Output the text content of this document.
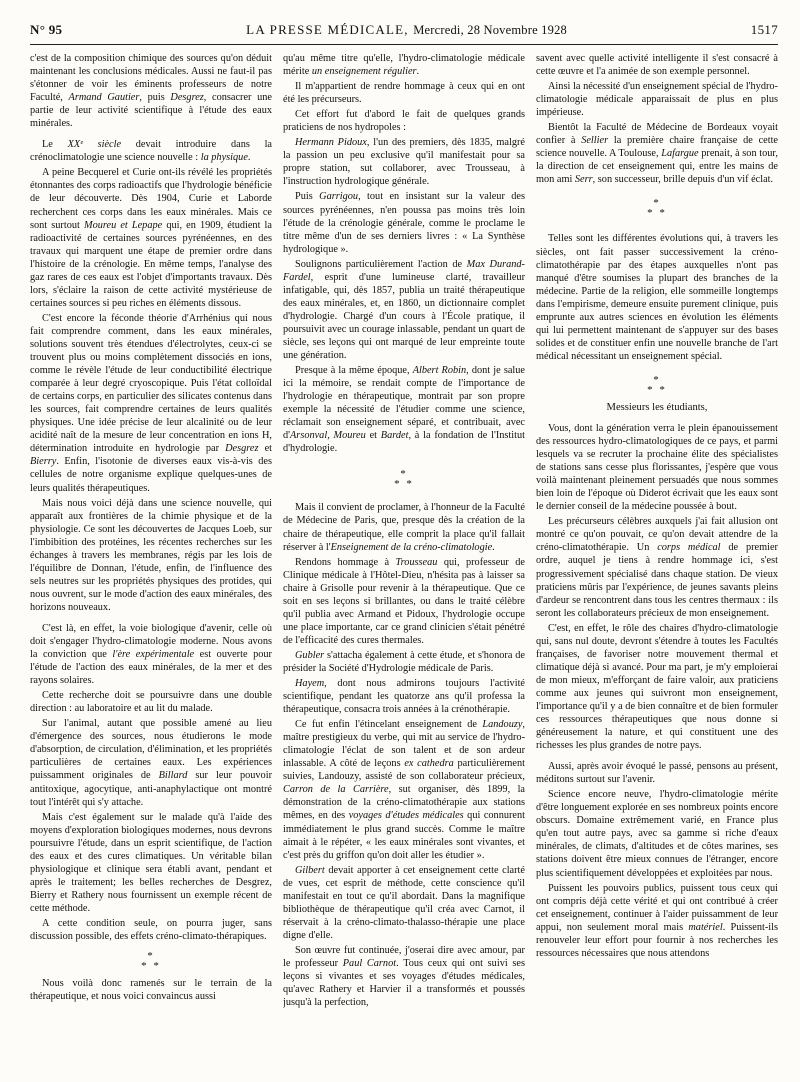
N° 95	LA PRESSE MÉDICALE, Mercredi, 28 Novembre 1928	1517

c'est de la composition chimique des sources qu'on déduit maintenant les conclusions médicales. Aussi ne faut-il pas s'étonner de voir les éminents professeurs de notre Faculté, Armand Gautier, puis Desgrez, consacrer une partie de leur activité scientifique à l'étude des eaux minérales.

Le XXᵉ siècle devait introduire dans la crénoclimatologie une science nouvelle : la physique.

A peine Becquerel et Curie ont-ils révélé les propriétés étonnantes des corps radioactifs que l'hydrologie bénéficie de leur découverte. Dès 1904, Curie et Laborde recherchent ces corps dans les eaux minérales. Mais ce sont surtout Moureu et Lepape qui, en 1909, étudient la radioactivité de certaines sources pyrénéennes, en des travaux qui marquent une étape de premier ordre dans l'histoire de la crénologie. En même temps, l'analyse des gaz rares de ces eaux est l'objet d'importants travaux. Dès lors, s'éclaire la raison de cette activité mystérieuse de certaines sources si peu riches en éléments dissous.

C'est encore la féconde théorie d'Arrhénius qui nous fait comprendre comment, dans les eaux minérales, solutions souvent très étendues d'électrolytes, ceux-ci se trouvent plus ou moins complètement dissociés en ions, comme le révèle l'étude de leur conductibilité électrique comparée à leur degré cryoscopique. Puis l'état colloïdal de certains corps, en particulier des silicates contenus dans les sources, fait comprendre certaines de leurs qualités physiques. Une idée précise de leur alcalinité ou de leur acidité naît de la mesure de leur concentration en ions H, détermination introduite en hydrologie par Desgrez et Bierry. Enfin, l'isotonie de diverses eaux vis-à-vis des cellules de notre organisme explique quelques-unes de leurs qualités thérapeutiques.

Mais nous voici déjà dans une science nouvelle, qui apparaît aux frontières de la chimie physique et de la physiologie. Ce sont les découvertes de Jacques Loeb, sur l'imbibition des protéines, les récentes recherches sur les échanges à travers les membranes, régis par les lois de l'équilibre de Donnan, l'étude, enfin, de l'influence des sels neutres sur les propriétés physiques des protides, qui nous ouvrent, sur le mode d'action des eaux minérales, des horizons nouveaux.

C'est là, en effet, la voie biologique d'avenir, celle où doit s'engager l'hydro-climatologie moderne. Nous avons la conviction que l'ère expérimentale est ouverte pour l'étude de l'action des eaux minérales, de la mer et des rayons solaires.

Cette recherche doit se poursuivre dans une double direction : au laboratoire et au lit du malade.

Sur l'animal, autant que possible amené au lieu d'émergence des sources, nous étudierons le mode d'absorption, de circulation, d'élimination, et les propriétés particulières de certaines eaux. Les expériences puissamment originales de Billard sur leur pouvoir antitoxique, agocytique, anti-anaphylactique ont montré tout l'intérêt qui s'y attache.

Mais c'est également sur le malade qu'à l'aide des moyens d'exploration biologiques modernes, nous devrons poursuivre l'étude, dans un esprit scientifique, de l'action des eaux et des cures climatiques. Un véritable bilan physiologique et clinique sera établi avant, pendant et après le traitement; les belles recherches de Desgrez, Bierry et Rathery nous fournissent un exemple récent de cette méthode.

A cette condition seule, on pourra juger, sans discussion possible, des effets créno-climato-thérapiques.

*
* *

Nous voilà donc ramenés sur le terrain de la thérapeutique, et nous voici convaincus aussi

qu'au même titre qu'elle, l'hydro-climatologie médicale mérite un enseignement régulier.

Il m'appartient de rendre hommage à ceux qui en ont été les précurseurs.

Cet effort fut d'abord le fait de quelques grands praticiens de nos hydropoles :

Hermann Pidoux, l'un des premiers, dès 1835, malgré la passion un peu exclusive qu'il manifestait pour sa propre station, sut collaborer, avec Trousseau, à l'instruction hydrologique générale.

Puis Garrigou, tout en insistant sur la valeur des sources pyrénéennes, n'en poussa pas moins très loin l'étude de la crénologie générale, comme le proclame le titre même d'un de ses derniers livres : « La Synthèse hydrologique ».

Soulignons particulièrement l'action de Max Durand-Fardel, esprit d'une lumineuse clarté, travailleur infatigable, qui, dès 1857, publia un traité thérapeutique des eaux minérales, et, en 1860, un dictionnaire complet d'hydrologie. Chargé d'un cours à l'École pratique, il poursuivit avec un courage inlassable, pendant un quart de siècle, ses leçons qui ont marqué de leur empreinte toute une génération.

Presque à la même époque, Albert Robin, dont je salue ici la mémoire, se rendait compte de l'importance de l'hydrologie en thérapeutique, montrait par son propre exemple la nécessité de l'étudier comme une science, réclamait son enseignement séparé, et contribuait, avec d'Arsonval, Moureu et Bardet, à la fondation de l'Institut d'hydrologie.

*
* *

Mais il convient de proclamer, à l'honneur de la Faculté de Médecine de Paris, que, presque dès la création de la chaire de thérapeutique, elle comprit la place qu'il fallait réserver à l'Enseignement de la créno-climatologie.

Rendons hommage à Trousseau qui, professeur de Clinique médicale à l'Hôtel-Dieu, n'hésita pas à laisser sa chaire à Grisolle pour revenir à la thérapeutique. Que ce soit en ses leçons si brillantes, ou dans le traité célèbre qu'il publia avec Armand et Pidoux, l'hydrologie occupe une place importante, car ce grand clinicien s'était pénétré de l'efficacité des cures thermales.

Gubler s'attacha également à cette étude, et s'honora de présider la Société d'Hydrologie médicale de Paris.

Hayem, dont nous admirons toujours l'activité scientifique, pendant les quatorze ans qu'il professa la thérapeutique, consacra trois années à la crénothérapie.

Ce fut enfin l'étincelant enseignement de Landouzy, maître prestigieux du verbe, qui mit au service de l'hydro-climatologie l'éclat de son talent et de son ardeur inlassable. A côté de leçons ex cathedra particulièrement suivies, Landouzy, assisté de son collaborateur précieux, Carron de la Carrière, sut organiser, dès 1899, la démonstration de la créno-climatothérapie aux stations mêmes, en des voyages d'études médicales qui connurent immédiatement le plus grand succès. Comme le maître aimait à le répéter, « les eaux minérales sont vivantes, et c'est près du griffon qu'on doit aller les étudier ».

Gilbert devait apporter à cet enseignement cette clarté de vues, cet esprit de méthode, cette conscience qu'il manifestait en tout ce qu'il abordait. Dans la magnifique bibliothèque de thérapeutique qu'il créa avec Carnot, il réservait à la créno-climato-thalasso-thérapie une place digne d'elle.

Son œuvre fut continuée, j'oserai dire avec amour, par le professeur Paul Carnot. Tous ceux qui ont suivi ses leçons si vivantes et ses voyages d'études médicales, qu'avec Rathery et Harvier il a transformés et poussés jusqu'à la perfection,

savent avec quelle activité intelligente il s'est consacré à cette œuvre et l'a animée de son exemple personnel.

Ainsi la nécessité d'un enseignement spécial de l'hydro-climatologie médicale apparaissait de plus en plus impérieuse.

Bientôt la Faculté de Médecine de Bordeaux voyait confier à Sellier la première chaire française de cette science nouvelle. A Toulouse, Lafargue prenait, à son tour, la direction de cet enseignement qui, entre les mains de mon ami Serr, son successeur, brille depuis d'un vif éclat.

*
* *

Telles sont les différentes évolutions qui, à travers les siècles, ont fait passer successivement la créno-climatothérapie par des étapes auxquelles n'ont pas manqué d'être soumises la plupart des branches de la médecine. Partie de la religion, elle sommeille longtemps dans l'empirisme, demeure ensuite purement clinique, puis emprunte aux autres sciences en évolution les éléments qui lui permettent maintenant de s'appuyer sur des bases solides et de constituer enfin une nouvelle branche de l'art médical nécessitant un enseignement spécial.

*
* *
Messieurs les étudiants,

Vous, dont la génération verra le plein épanouissement des ressources hydro-climatologiques de ce pays, et parmi lesquels va se recruter la prochaine élite des spécialistes de stations sans cesse plus florissantes, j'espère que vous voilà maintenant pleinement persuadés que nous sommes bien loin de l'époque où Diderot écrivait que les eaux sont le dernier conseil de la médecine poussée à bout.

Les précurseurs célèbres auxquels j'ai fait allusion ont montré ce qu'on pouvait, ce qu'on devait attendre de la créno-climatothérapie. Un corps médical de premier ordre, auquel je tiens à rendre hommage ici, s'est progressivement spécialisé dans chaque station. De vieux praticiens mûris par l'expérience, de jeunes savants pleins d'ardeur se rencontrent dans tous les centres thermaux : ils seront les collaborateurs précieux de mon enseignement.

C'est, en effet, le rôle des chaires d'hydro-climatologie qui, sans nul doute, devront s'étendre à toutes les Facultés françaises, de favoriser notre mouvement thermal et climatique déjà si avancé. Pour ma part, je m'y emploierai de mon mieux, m'efforçant de faire valoir, aux praticiens comme aux jeunes qui suivront mon enseignement, l'importance qu'il y a de bien connaître et de bien formuler ces ressources thérapeutiques que nous donne si généreusement la nature, et qui constituent une des richesses les plus grandes de notre pays.

Aussi, après avoir évoqué le passé, pensons au présent, méditons surtout sur l'avenir.

Science encore neuve, l'hydro-climatologie mérite d'être longuement explorée en ses nombreux points encore obscurs. Domaine extrêmement varié, en France plus qu'en tout autre pays, avec sa gamme si riche d'eaux minérales, de climats, d'altitudes et de côtes marines, ses stations doivent être mieux connues de l'étranger, encore plus scientifiquement développées et exploitées par nous.

Puissent les pouvoirs publics, puissent tous ceux qui ont compris déjà cette vérité et qui ont contribué à créer cet enseignement, continuer à l'aider puissamment de leur appui, non seulement moral mais matériel. Puissent-ils renouveler leur effort pour fournir à nos recherches les ressources nécessaires que nous attendons
